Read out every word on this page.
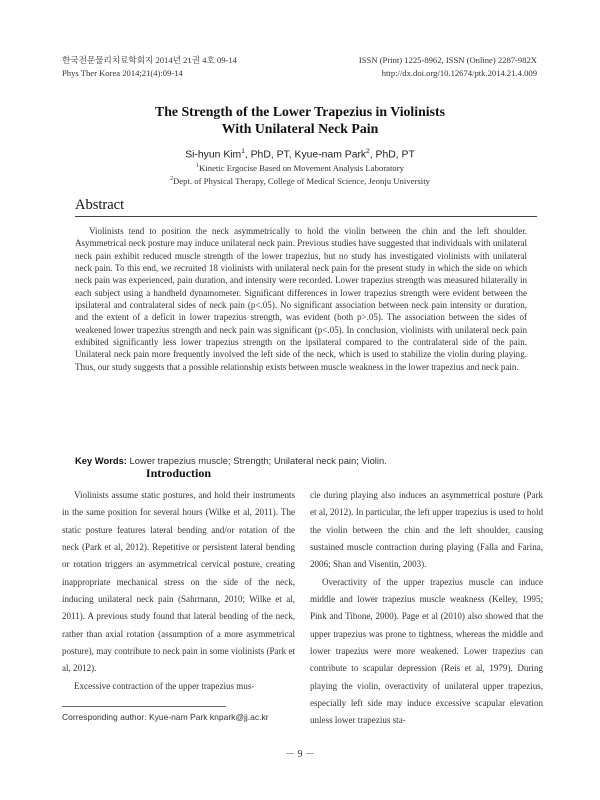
한국전문물리치료학회지 2014년 21권 4호 09-14
Phys Ther Korea 2014;21(4):09-14
ISSN (Print) 1225-8962, ISSN (Online) 2287-982X
http://dx.doi.org/10.12674/ptk.2014.21.4.009
The Strength of the Lower Trapezius in Violinists
With Unilateral Neck Pain
Si-hyun Kim$^1$, PhD, PT, Kyue-nam Park$^2$, PhD, PT
$^1$Kinetic Ergocise Based on Movement Analysis Laboratory
$^2$Dept. of Physical Therapy, College of Medical Science, Jeonju University
Abstract
Violinists tend to position the neck asymmetrically to hold the violin between the chin and the left shoulder. Asymmetrical neck posture may induce unilateral neck pain. Previous studies have suggested that individuals with unilateral neck pain exhibit reduced muscle strength of the lower trapezius, but no study has investigated violinists with unilateral neck pain. To this end, we recruited 18 violinists with unilateral neck pain for the present study in which the side on which neck pain was experienced, pain duration, and intensity were recorded. Lower trapezius strength was measured bilaterally in each subject using a handheld dynamometer. Significant differences in lower trapezius strength were evident between the ipsilateral and contralateral sides of neck pain (p<.05). No significant association between neck pain intensity or duration, and the extent of a deficit in lower trapezius strength, was evident (both p>.05). The association between the sides of weakened lower trapezius strength and neck pain was significant (p<.05). In conclusion, violinists with unilateral neck pain exhibited significantly less lower trapezius strength on the ipsilateral compared to the contralateral side of the pain. Unilateral neck pain more frequently involved the left side of the neck, which is used to stabilize the violin during playing. Thus, our study suggests that a possible relationship exists between muscle weakness in the lower trapezius and neck pain.
Key Words: Lower trapezius muscle; Strength; Unilateral neck pain; Violin.
Introduction

Violinists assume static postures, and hold their instruments in the same position for several hours (Wilke et al, 2011). The static posture features lateral bending and/or rotation of the neck (Park et al, 2012). Repetitive or persistent lateral bending or rotation triggers an asymmetrical cervical posture, creating inappropriate mechanical stress on the side of the neck, inducing unilateral neck pain (Sahrmann, 2010; Wilke et al, 2011). A previous study found that lateral bending of the neck, rather than axial rotation (assumption of a more asymmetrical posture), may contribute to neck pain in some violinists (Park et al, 2012).

Excessive contraction of the upper trapezius mus-

cle during playing also induces an asymmetrical posture (Park et al, 2012). In particular, the left upper trapezius is used to hold the violin between the chin and the left shoulder, causing sustained muscle contraction during playing (Falla and Farina, 2006; Shan and Visentin, 2003).

Overactivity of the upper trapezius muscle can induce middle and lower trapezius muscle weakness (Kelley, 1995; Pink and Tibone, 2000). Page et al (2010) also showed that the upper trapezius was prone to tightness, whereas the middle and lower trapezius were more weakened. Lower trapezius can contribute to scapular depression (Reis et al, 1979). During playing the violin, overactivity of unilateral upper trapezius, especially left side may induce excessive scapular elevation unless lower trapezius sta-

Corresponding author: Kyue-nam Park knpark@jj.ac.kr
－ 9 －
